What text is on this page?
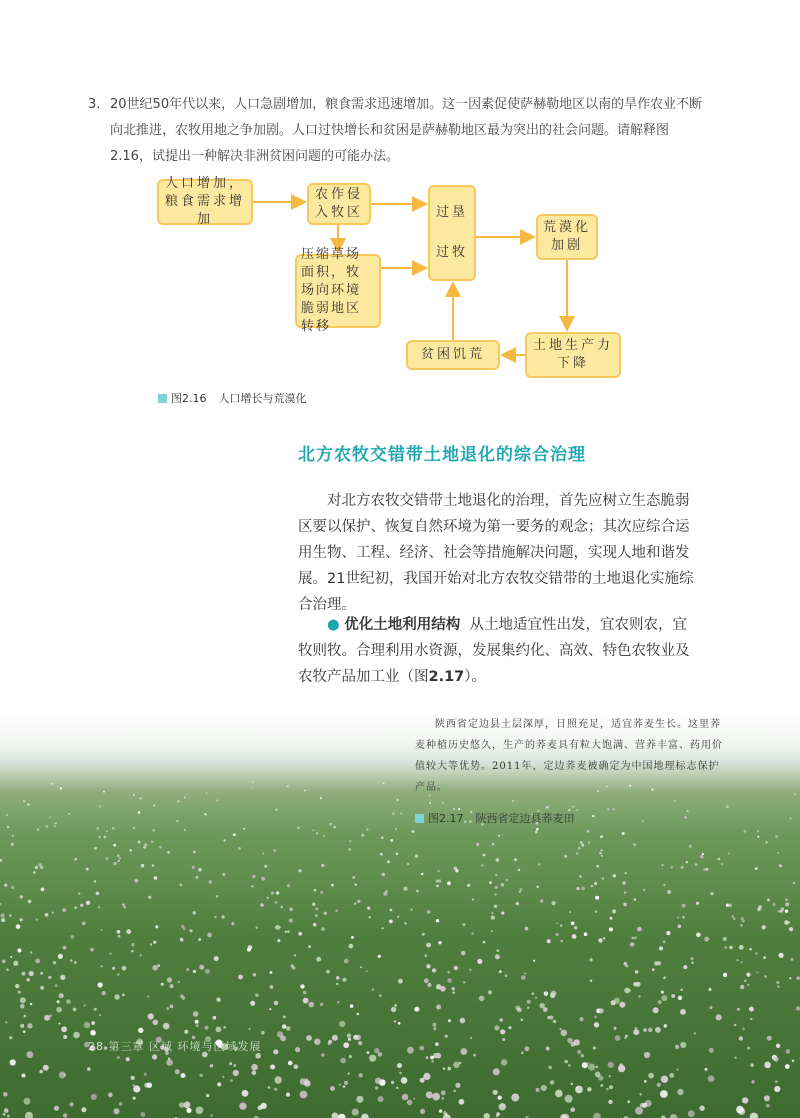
3. 20世纪50年代以来，人口急剧增加，粮食需求迅速增加。这一因素促使萨赫勒地区以南的旱作农业不断向北推进，农牧用地之争加剧。人口过快增长和贫困是萨赫勒地区最为突出的社会问题。请解释图2.16，试提出一种解决非洲贫困问题的可能办法。
人口增加，粮食需求增加
农作侵入牧区
压缩草场面积，牧场向环境脆弱地区转移
过垦
过牧
荒漠化加剧
土地生产力下降
贫困饥荒
图2.16 人口增长与荒漠化
北方农牧交错带土地退化的综合治理
对北方农牧交错带土地退化的治理，首先应树立生态脆弱区要以保护、恢复自然环境为第一要务的观念；其次应综合运用生物、工程、经济、社会等措施解决问题，实现人地和谐发展。21世纪初，我国开始对北方农牧交错带的土地退化实施综合治理。
● 优化土地利用结构 从土地适宜性出发，宜农则农，宜牧则牧。合理利用水资源，发展集约化、高效、特色农牧业及农牧产品加工业（图2.17）。
陕西省定边县土层深厚，日照充足，适宜荞麦生长。这里荞麦种植历史悠久，生产的荞麦具有粒大饱满、营养丰富、药用价值较大等优势。2011年，定边荞麦被确定为中国地理标志保护产品。
图2.17 陕西省定边县荞麦田
28 第三章 区域 环境与区域发展
